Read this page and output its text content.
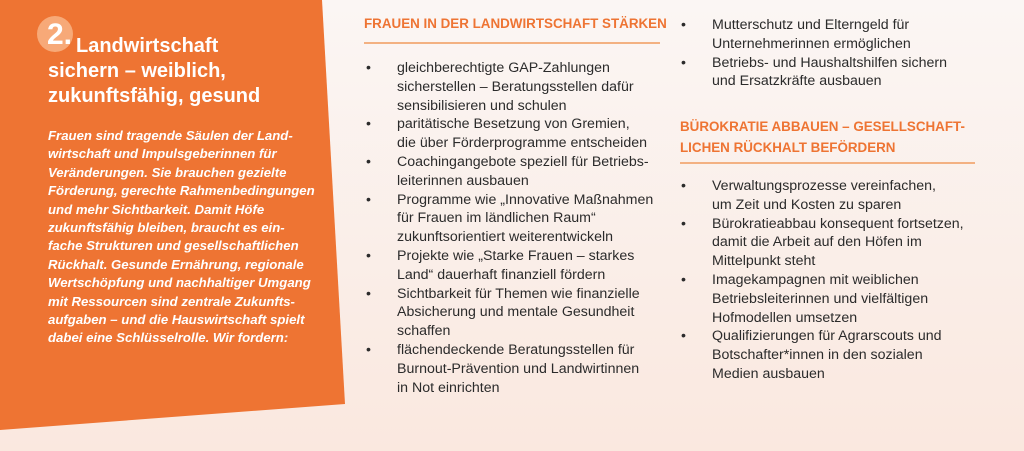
2. Landwirtschaft
sichern – weiblich,
zukunftsfähig, gesund
Frauen sind tragende Säulen der Land-
wirtschaft und Impulsgeberinnen für
Veränderungen. Sie brauchen gezielte
Förderung, gerechte Rahmenbedingungen
und mehr Sichtbarkeit. Damit Höfe
zukunftsfähig bleiben, braucht es ein-
fache Strukturen und gesellschaftlichen
Rückhalt. Gesunde Ernährung, regionale
Wertschöpfung und nachhaltiger Umgang
mit Ressourcen sind zentrale Zukunfts-
aufgaben – und die Hauswirtschaft spielt
dabei eine Schlüsselrolle. Wir fordern:
FRAUEN IN DER LANDWIRTSCHAFT STÄRKEN
• gleichberechtigte GAP-Zahlungen
sicherstellen – Beratungsstellen dafür
sensibilisieren und schulen
• paritätische Besetzung von Gremien,
die über Förderprogramme entscheiden
• Coachingangebote speziell für Betriebs-
leiterinnen ausbauen
• Programme wie „Innovative Maßnahmen
für Frauen im ländlichen Raum“
zukunftsorientiert weiterentwickeln
• Projekte wie „Starke Frauen – starkes
Land“ dauerhaft finanziell fördern
• Sichtbarkeit für Themen wie finanzielle
Absicherung und mentale Gesundheit
schaffen
• flächendeckende Beratungsstellen für
Burnout-Prävention und Landwirtinnen
in Not einrichten
• Mutterschutz und Elterngeld für
Unternehmerinnen ermöglichen
• Betriebs- und Haushaltshilfen sichern
und Ersatzkräfte ausbauen
BÜROKRATIE ABBAUEN – GESELLSCHAFT-
LICHEN RÜCKHALT BEFÖRDERN
• Verwaltungsprozesse vereinfachen,
um Zeit und Kosten zu sparen
• Bürokratieabbau konsequent fortsetzen,
damit die Arbeit auf den Höfen im
Mittelpunkt steht
• Imagekampagnen mit weiblichen
Betriebsleiterinnen und vielfältigen
Hofmodellen umsetzen
• Qualifizierungen für Agrarscouts und
Botschafter*innen in den sozialen
Medien ausbauen
